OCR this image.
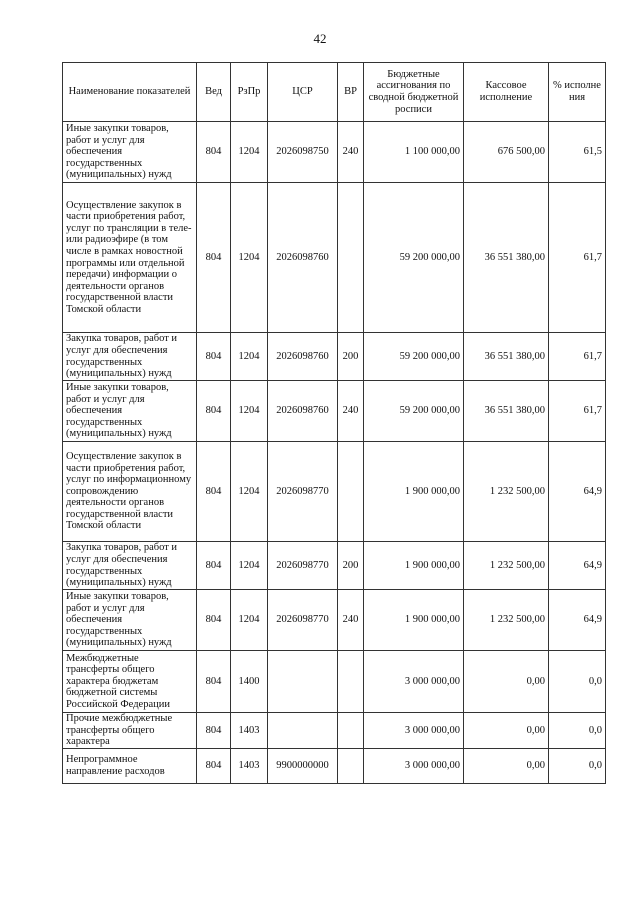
42
Наименование показателей	Вед	РзПр	ЦСР	ВР	Бюджетные ассигнования по сводной бюджетной росписи	Кассовое исполнение	% исполне ния
Иные закупки товаров, работ и услуг для обеспечения государственных (муниципальных) нужд	804	1204	2026098750	240	1 100 000,00	676 500,00	61,5
Осуществление закупок в части приобретения работ, услуг по трансляции в теле- или радиоэфире (в том числе в рамках новостной программы или отдельной передачи) информации о деятельности органов государственной власти Томской области	804	1204	2026098760		59 200 000,00	36 551 380,00	61,7
Закупка товаров, работ и услуг для обеспечения государственных (муниципальных) нужд	804	1204	2026098760	200	59 200 000,00	36 551 380,00	61,7
Иные закупки товаров, работ и услуг для обеспечения государственных (муниципальных) нужд	804	1204	2026098760	240	59 200 000,00	36 551 380,00	61,7
Осуществление закупок в части приобретения работ, услуг по информационному сопровождению деятельности органов государственной власти Томской области	804	1204	2026098770		1 900 000,00	1 232 500,00	64,9
Закупка товаров, работ и услуг для обеспечения государственных (муниципальных) нужд	804	1204	2026098770	200	1 900 000,00	1 232 500,00	64,9
Иные закупки товаров, работ и услуг для обеспечения государственных (муниципальных) нужд	804	1204	2026098770	240	1 900 000,00	1 232 500,00	64,9
Межбюджетные трансферты общего характера бюджетам бюджетной системы Российской Федерации	804	1400			3 000 000,00	0,00	0,0
Прочие межбюджетные трансферты общего характера	804	1403			3 000 000,00	0,00	0,0
Непрограммное направление расходов	804	1403	9900000000		3 000 000,00	0,00	0,0
